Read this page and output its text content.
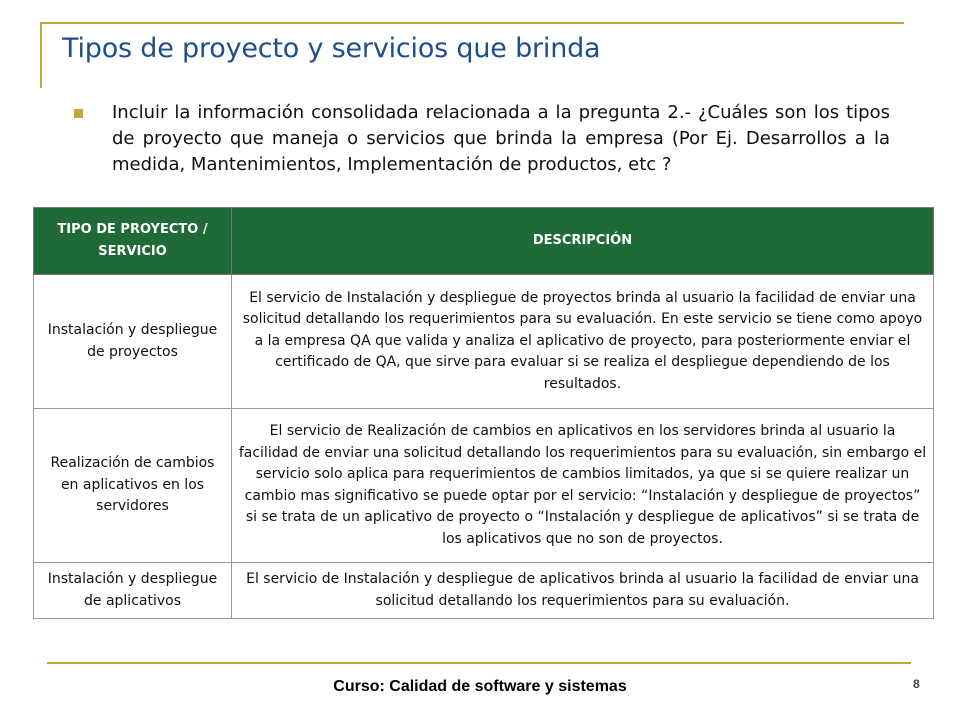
Tipos de proyecto y servicios que brinda
Incluir la información consolidada relacionada a la pregunta 2.- ¿Cuáles son los tipos de proyecto que maneja o servicios que brinda la empresa (Por Ej. Desarrollos a la medida, Mantenimientos, Implementación de productos, etc ?
TIPO DE PROYECTO / SERVICIO	DESCRIPCIÓN
Instalación y despliegue de proyectos	El servicio de Instalación y despliegue de proyectos brinda al usuario la facilidad de enviar una solicitud detallando los requerimientos para su evaluación. En este servicio se tiene como apoyo a la empresa QA que valida y analiza el aplicativo de proyecto, para posteriormente enviar el certificado de QA, que sirve para evaluar si se realiza el despliegue dependiendo de los resultados.
Realización de cambios en aplicativos en los servidores	El servicio de Realización de cambios en aplicativos en los servidores brinda al usuario la facilidad de enviar una solicitud detallando los requerimientos para su evaluación, sin embargo el servicio solo aplica para requerimientos de cambios limitados, ya que si se quiere realizar un cambio mas significativo se puede optar por el servicio: “Instalación y despliegue de proyectos” si se trata de un aplicativo de proyecto o “Instalación y despliegue de aplicativos” si se trata de los aplicativos que no son de proyectos.
Instalación y despliegue de aplicativos	El servicio de Instalación y despliegue de aplicativos brinda al usuario la facilidad de enviar una solicitud detallando los requerimientos para su evaluación.
Curso: Calidad de software y sistemas	8
